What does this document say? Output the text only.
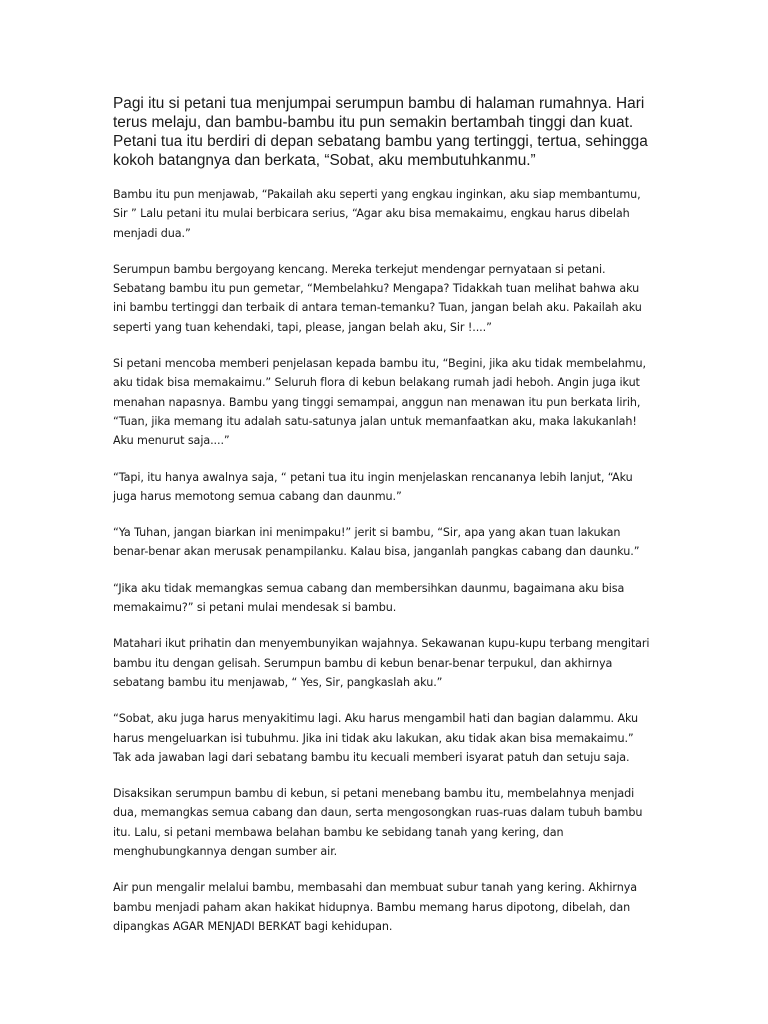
Pagi itu si petani tua menjumpai serumpun bambu di halaman rumahnya. Hari
terus melaju, dan bambu-bambu itu pun semakin bertambah tinggi dan kuat.
Petani tua itu berdiri di depan sebatang bambu yang tertinggi, tertua, sehingga
kokoh batangnya dan berkata, “Sobat, aku membutuhkanmu.”

Bambu itu pun menjawab, “Pakailah aku seperti yang engkau inginkan, aku siap membantumu,
Sir ” Lalu petani itu mulai berbicara serius, “Agar aku bisa memakaimu, engkau harus dibelah
menjadi dua.”

Serumpun bambu bergoyang kencang. Mereka terkejut mendengar pernyataan si petani.
Sebatang bambu itu pun gemetar, “Membelahku? Mengapa? Tidakkah tuan melihat bahwa aku
ini bambu tertinggi dan terbaik di antara teman-temanku? Tuan, jangan belah aku. Pakailah aku
seperti yang tuan kehendaki, tapi, please, jangan belah aku, Sir !....”

Si petani mencoba memberi penjelasan kepada bambu itu, “Begini, jika aku tidak membelahmu,
aku tidak bisa memakaimu.” Seluruh flora di kebun belakang rumah jadi heboh. Angin juga ikut
menahan napasnya. Bambu yang tinggi semampai, anggun nan menawan itu pun berkata lirih,
“Tuan, jika memang itu adalah satu-satunya jalan untuk memanfaatkan aku, maka lakukanlah!
Aku menurut saja....”

“Tapi, itu hanya awalnya saja, “ petani tua itu ingin menjelaskan rencananya lebih lanjut, “Aku
juga harus memotong semua cabang dan daunmu.”

“Ya Tuhan, jangan biarkan ini menimpaku!” jerit si bambu, “Sir, apa yang akan tuan lakukan
benar-benar akan merusak penampilanku. Kalau bisa, janganlah pangkas cabang dan daunku.”

“Jika aku tidak memangkas semua cabang dan membersihkan daunmu, bagaimana aku bisa
memakaimu?” si petani mulai mendesak si bambu.

Matahari ikut prihatin dan menyembunyikan wajahnya. Sekawanan kupu-kupu terbang mengitari
bambu itu dengan gelisah. Serumpun bambu di kebun benar-benar terpukul, dan akhirnya
sebatang bambu itu menjawab, “ Yes, Sir, pangkaslah aku.”

“Sobat, aku juga harus menyakitimu lagi. Aku harus mengambil hati dan bagian dalammu. Aku
harus mengeluarkan isi tubuhmu. Jika ini tidak aku lakukan, aku tidak akan bisa memakaimu.”
Tak ada jawaban lagi dari sebatang bambu itu kecuali memberi isyarat patuh dan setuju saja.

Disaksikan serumpun bambu di kebun, si petani menebang bambu itu, membelahnya menjadi
dua, memangkas semua cabang dan daun, serta mengosongkan ruas-ruas dalam tubuh bambu
itu. Lalu, si petani membawa belahan bambu ke sebidang tanah yang kering, dan
menghubungkannya dengan sumber air.

Air pun mengalir melalui bambu, membasahi dan membuat subur tanah yang kering. Akhirnya
bambu menjadi paham akan hakikat hidupnya. Bambu memang harus dipotong, dibelah, dan
dipangkas AGAR MENJADI BERKAT bagi kehidupan.
